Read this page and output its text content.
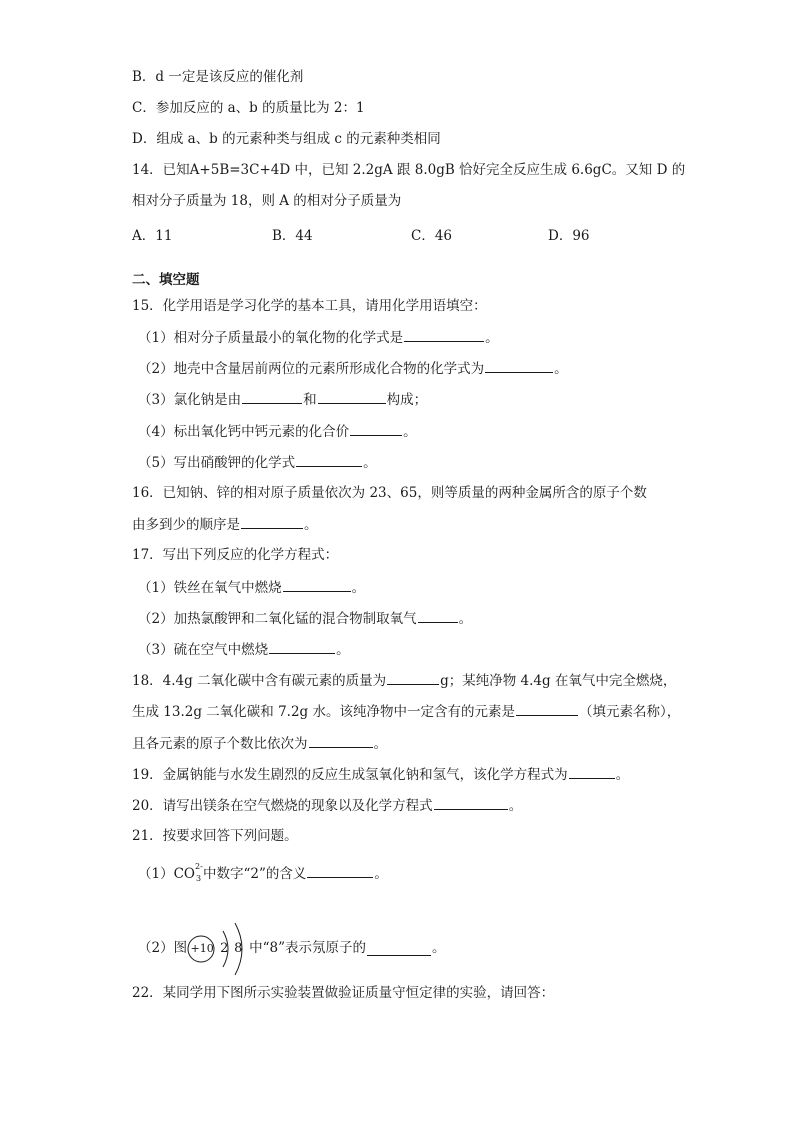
B．d 一定是该反应的催化剂
C．参加反应的 a、b 的质量比为 2：1
D．组成 a、b 的元素种类与组成 c 的元素种类相同
14．已知A+5B=3C+4D 中，已知 2.2gA 跟 8.0gB 恰好完全反应生成 6.6gC。又知 D 的
相对分子质量为 18，则 A 的相对分子质量为
A．11	B．44	C．46	D．96
二、填空题
15．化学用语是学习化学的基本工具，请用化学用语填空：
（1）相对分子质量最小的氧化物的化学式是	。
（2）地壳中含量居前两位的元素所形成化合物的化学式为	。
（3）氯化钠是由	和	构成；
（4）标出氧化钙中钙元素的化合价	。
（5）写出硝酸钾的化学式	。
16．已知钠、锌的相对原子质量依次为 23、65，则等质量的两种金属所含的原子个数
由多到少的顺序是	。
17．写出下列反应的化学方程式：
（1）铁丝在氧气中燃烧	。
（2）加热氯酸钾和二氧化锰的混合物制取氧气	。
（3）硫在空气中燃烧	。
18．4.4g 二氧化碳中含有碳元素的质量为	g；某纯净物 4.4g 在氧气中完全燃烧，
生成 13.2g 二氧化碳和 7.2g 水。该纯净物中一定含有的元素是	（填元素名称），
且各元素的原子个数比依次为	。
19．金属钠能与水发生剧烈的反应生成氢氧化钠和氢气，该化学方程式为	。
20．请写出镁条在空气燃烧的现象以及化学方程式	。
21．按要求回答下列问题。
（1）CO 2-
3 中数字“2”的含义	。
（2）图 +10 2 8 中“8”表示氖原子的	。
22．某同学用下图所示实验装置做验证质量守恒定律的实验，请回答：
